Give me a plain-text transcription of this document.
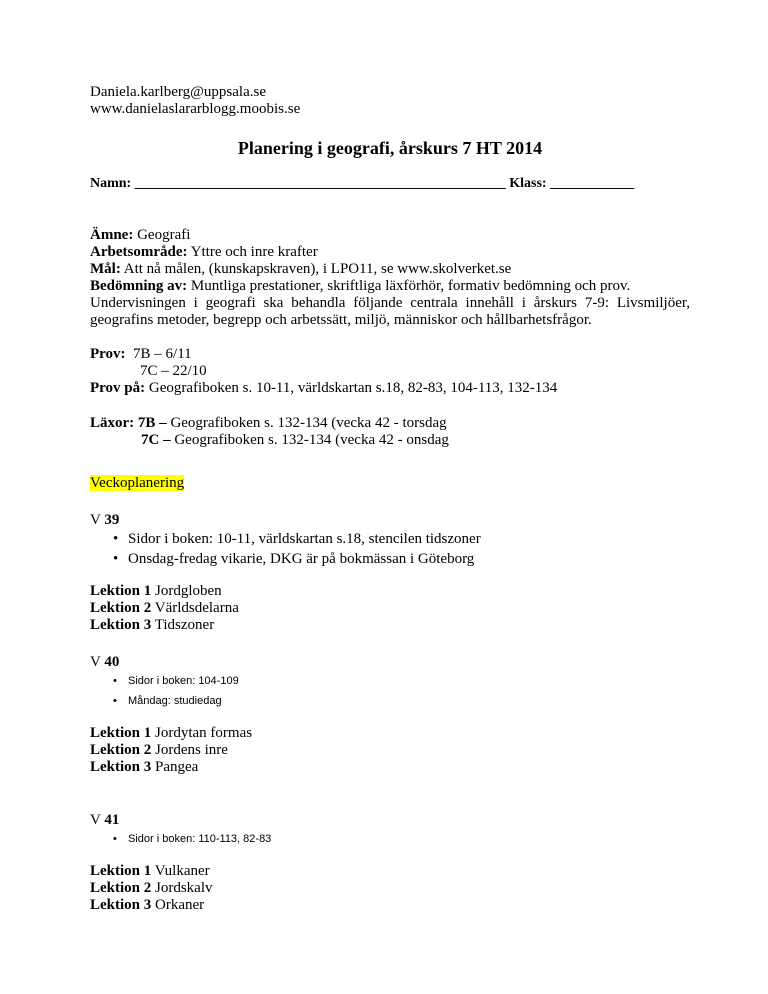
Daniela.karlberg@uppsala.se
www.danielaslararblogg.moobis.se
Planering i geografi, årskurs 7 HT 2014
Namn: _____________________________________________________ Klass: ____________
Ämne: Geografi
Arbetsområde: Yttre och inre krafter
Mål: Att nå målen, (kunskapskraven), i LPO11, se www.skolverket.se
Bedömning av: Muntliga prestationer, skriftliga läxförhör, formativ bedömning och prov.
Undervisningen i geografi ska behandla följande centrala innehåll i årskurs 7-9: Livsmiljöer, geografins metoder, begrepp och arbetssätt, miljö, människor och hållbarhetsfrågor.
Prov: 7B – 6/11
7C – 22/10
Prov på: Geografiboken s. 10-11, världskartan s.18, 82-83, 104-113, 132-134
Läxor: 7B – Geografiboken s. 132-134 (vecka 42 - torsdag
7C – Geografiboken s. 132-134 (vecka 42 - onsdag
Veckoplanering
V 39
• Sidor i boken: 10-11, världskartan s.18, stencilen tidszoner
• Onsdag-fredag vikarie, DKG är på bokmässan i Göteborg
Lektion 1 Jordgloben
Lektion 2 Världsdelarna
Lektion 3 Tidszoner
V 40
• Sidor i boken: 104-109
• Måndag: studiedag
Lektion 1 Jordytan formas
Lektion 2 Jordens inre
Lektion 3 Pangea
V 41
• Sidor i boken: 110-113, 82-83
Lektion 1 Vulkaner
Lektion 2 Jordskalv
Lektion 3 Orkaner
